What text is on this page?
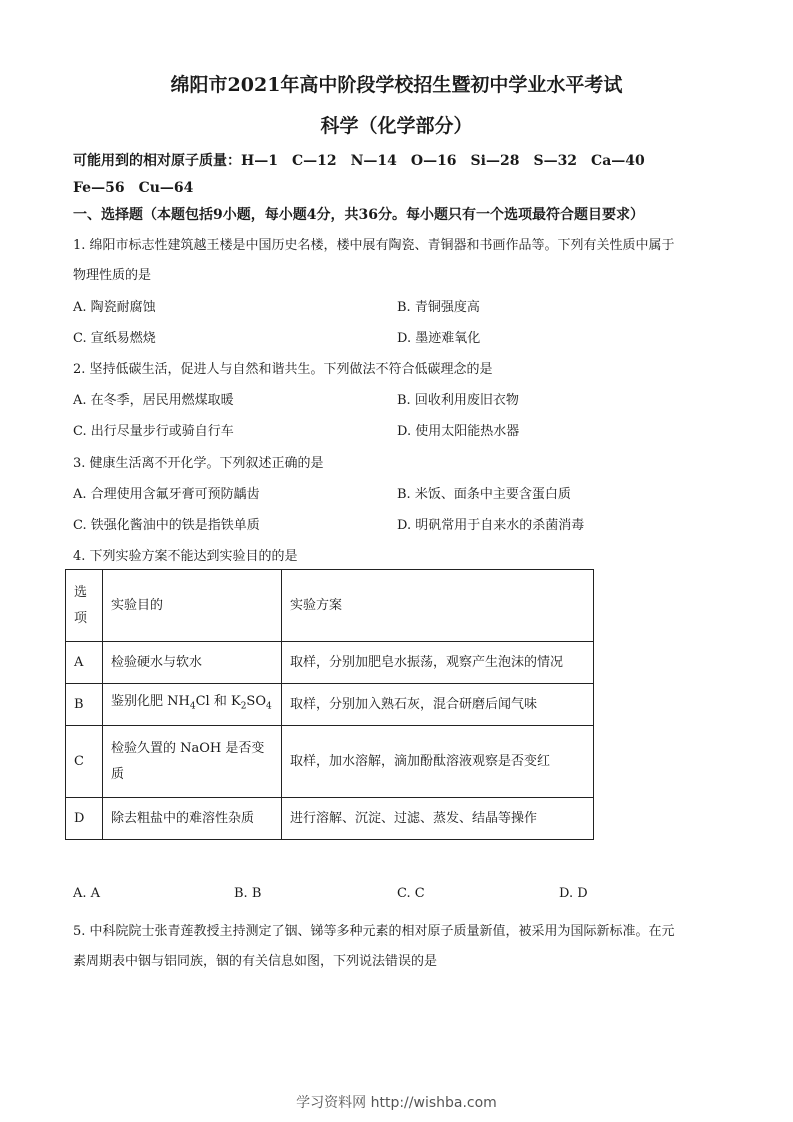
绵阳市2021年高中阶段学校招生暨初中学业水平考试
科学（化学部分）
可能用到的相对原子质量：H—1　C—12　N—14　O—16　Si—28　S—32　Ca—40
Fe—56　Cu—64
一、选择题（本题包括9小题，每小题4分，共36分。每小题只有一个选项最符合题目要求）
1. 绵阳市标志性建筑越王楼是中国历史名楼，楼中展有陶瓷、青铜器和书画作品等。下列有关性质中属于
物理性质的是
A. 陶瓷耐腐蚀	B. 青铜强度高
C. 宣纸易燃烧	D. 墨迹难氧化
2. 坚持低碳生活，促进人与自然和谐共生。下列做法不符合低碳理念的是
A. 在冬季，居民用燃煤取暖	B. 回收利用废旧衣物
C. 出行尽量步行或骑自行车	D. 使用太阳能热水器
3. 健康生活离不开化学。下列叙述正确的是
A. 合理使用含氟牙膏可预防龋齿	B. 米饭、面条中主要含蛋白质
C. 铁强化酱油中的铁是指铁单质	D. 明矾常用于自来水的杀菌消毒
4. 下列实验方案不能达到实验目的的是
选
项	实验目的	实验方案
A	检验硬水与软水	取样，分别加肥皂水振荡，观察产生泡沫的情况
B	鉴别化肥 $NH_4Cl$ 和 $K_2SO_4$	取样，分别加入熟石灰，混合研磨后闻气味
C	检验久置的 NaOH 是否变
质	取样，加水溶解，滴加酚酞溶液观察是否变红
D	除去粗盐中的难溶性杂质	进行溶解、沉淀、过滤、蒸发、结晶等操作
A. A	B. B	C. C	D. D
5. 中科院院士张青莲教授主持测定了铟、锑等多种元素的相对原子质量新值，被采用为国际新标准。在元
素周期表中铟与铝同族，铟的有关信息如图，下列说法错误的是
学习资料网 http://wishba.com
